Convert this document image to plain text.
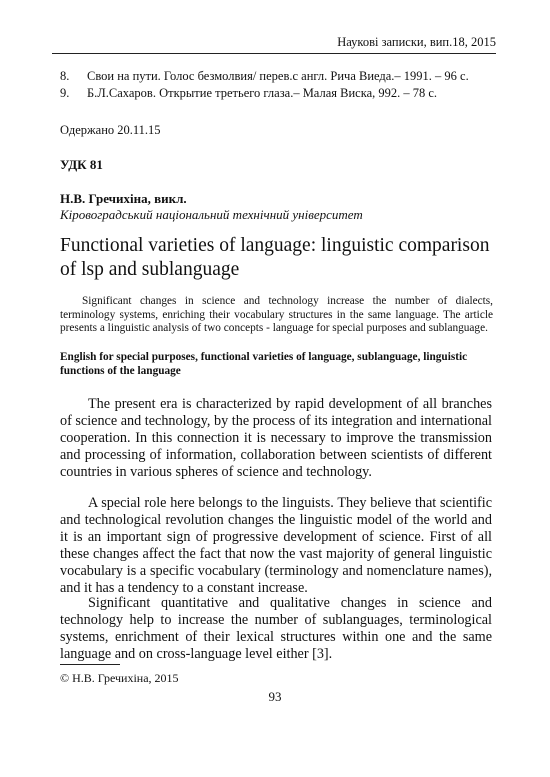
Наукові записки, вип.18, 2015
8. Свои на пути. Голос безмолвия/ перев.с англ. Рича Виеда.– 1991. – 96 с.
9. Б.Л.Сахаров. Открытие третьего глаза.– Малая Виска, 992. – 78 с.
Одержано 20.11.15
УДК 81
Н.В. Гречихіна, викл.
Кіровоградський національний технічний університет
Functional varieties of language: linguistic comparison of lsp and sublanguage
Significant changes in science and technology increase the number of dialects, terminology systems, enriching their vocabulary structures in the same language. The article presents a linguistic analysis of two concepts - language for special purposes and sublanguage.
English for special purposes, functional varieties of language, sublanguage, linguistic functions of the language
The present era is characterized by rapid development of all branches of science and technology, by the process of its integration and international cooperation. In this connection it is necessary to improve the transmission and processing of information, collaboration between scientists of different countries in various spheres of science and technology.
A special role here belongs to the linguists. They believe that scientific and technological revolution changes the linguistic model of the world and it is an important sign of progressive development of science. First of all these changes affect the fact that now the vast majority of general linguistic vocabulary is a specific vocabulary (terminology and nomenclature names), and it has a tendency to a constant increase.
Significant quantitative and qualitative changes in science and technology help to increase the number of sublanguages, terminological systems, enrichment of their lexical structures within one and the same language and on cross-language level either [3].
© Н.В. Гречихіна, 2015
93
